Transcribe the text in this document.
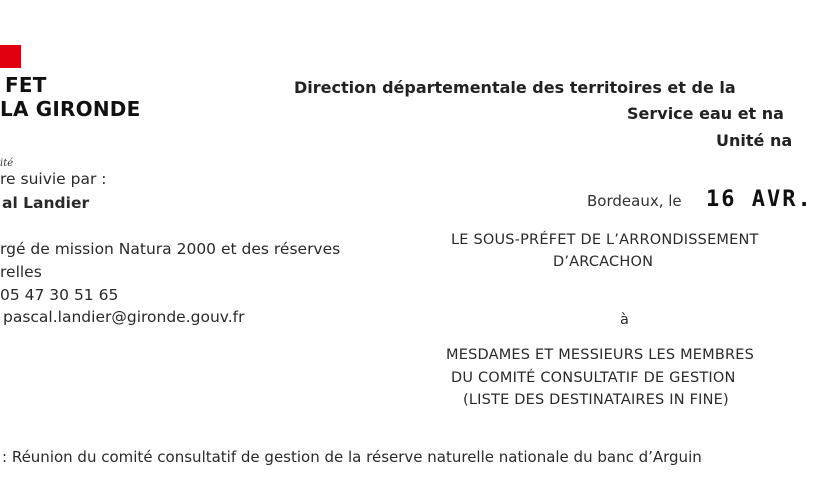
FET
LA GIRONDE
ité
re suivie par :
al Landier
rgé de mission Natura 2000 et des réserves
relles
05 47 30 51 65
pascal.landier@gironde.gouv.fr
Direction départementale des territoires et de la
Service eau et na
Unité na
Bordeaux, le 16 AVR.
LE SOUS-PRÉFET DE L’ARRONDISSEMENT
D’ARCACHON
à
MESDAMES ET MESSIEURS LES MEMBRES
DU COMITÉ CONSULTATIF DE GESTION
(LISTE DES DESTINATAIRES IN FINE)
: Réunion du comité consultatif de gestion de la réserve naturelle nationale du banc d’Arguin
